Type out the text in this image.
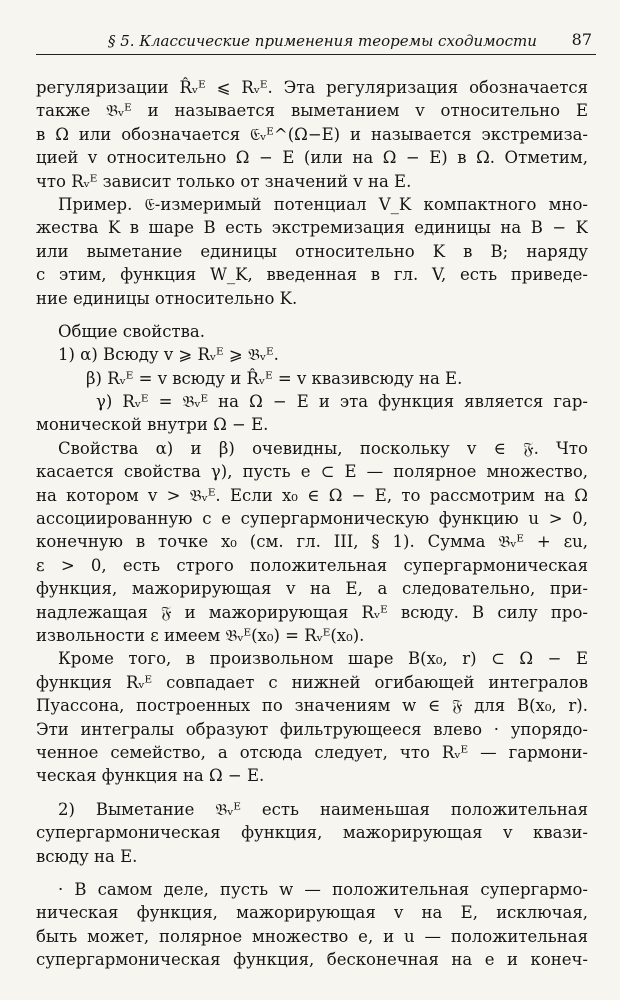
§ 5. Классические применения теоремы сходимости 87
регуляризации R̂ᵥᴱ ⩽ Rᵥᴱ. Эта регуляризация обозначается
также 𝔅ᵥᴱ и называется выметанием v относительно E
в Ω или обозначается 𝔈ᵥᴱ^(Ω−E) и называется экстремиза-
цией v относительно Ω − E (или на Ω − E) в Ω. Отметим,
что Rᵥᴱ зависит только от значений v на E.
Пример. 𝔈-измеримый потенциал V_K компактного мно-
жества K в шаре B есть экстремизация единицы на B − K
или выметание единицы относительно K в B; наряду
с этим, функция W_K, введенная в гл. V, есть приведе-
ние единицы относительно K.
Общие свойства.
1) α) Всюду v ⩾ Rᵥᴱ ⩾ 𝔅ᵥᴱ.
β) Rᵥᴱ = v всюду и R̂ᵥᴱ = v квазивсюду на E.
γ) Rᵥᴱ = 𝔅ᵥᴱ на Ω − E и эта функция является гар-
монической внутри Ω − E.
Свойства α) и β) очевидны, поскольку v ∈ 𝔉. Что
касается свойства γ), пусть e ⊂ E — полярное множество,
на котором v > 𝔅ᵥᴱ. Если x₀ ∈ Ω − E, то рассмотрим на Ω
ассоциированную с e супергармоническую функцию u > 0,
конечную в точке x₀ (см. гл. III, § 1). Сумма 𝔅ᵥᴱ + εu,
ε > 0, есть строго положительная супергармоническая
функция, мажорирующая v на E, а следовательно, при-
надлежащая 𝔉 и мажорирующая Rᵥᴱ всюду. В силу про-
извольности ε имеем 𝔅ᵥᴱ(x₀) = Rᵥᴱ(x₀).
Кроме того, в произвольном шаре B(x₀, r) ⊂ Ω − E
функция Rᵥᴱ совпадает с нижней огибающей интегралов
Пуассона, построенных по значениям w ∈ 𝔉 для B(x₀, r).
Эти интегралы образуют фильтрующееся влево · упорядо-
ченное семейство, а отсюда следует, что Rᵥᴱ — гармони-
ческая функция на Ω − E.
2) Выметание 𝔅ᵥᴱ есть наименьшая положительная
супергармоническая функция, мажорирующая v квази-
всюду на E.
· В самом деле, пусть w — положительная супергармо-
ническая функция, мажорирующая v на E, исключая,
быть может, полярное множество e, и u — положительная
супергармоническая функция, бесконечная на e и конеч-
